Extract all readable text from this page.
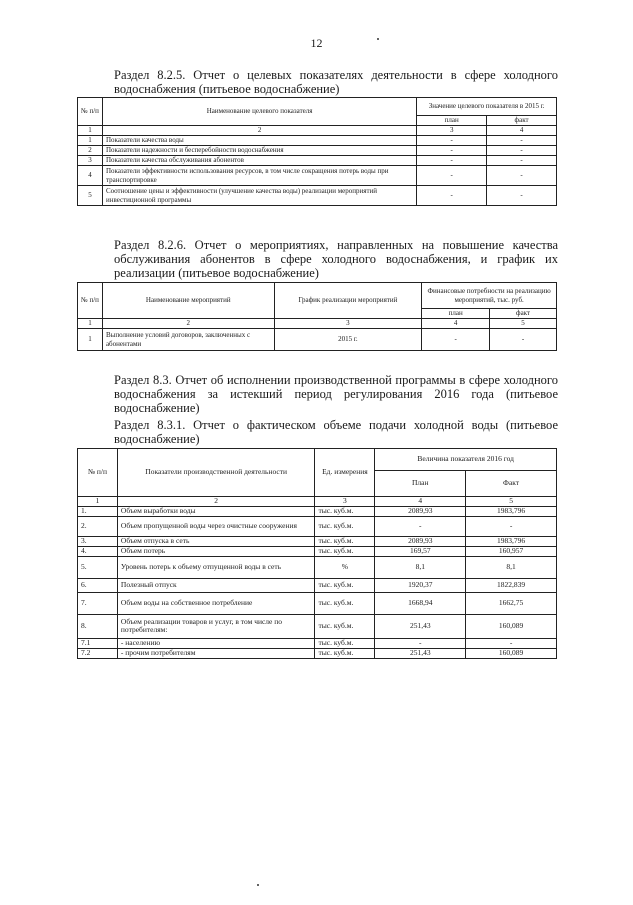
12
Раздел 8.2.5. Отчет о целевых показателях деятельности в сфере холодного водоснабжения (питьевое водоснабжение)
№ п/п	Наименование целевого показателя	Значение целевого показателя в 2015 г.	
		план	факт
1	2	3	4
1	Показатели качества воды	-	-
2	Показатели надежности и бесперебойности водоснабжения	-	-
3	Показатели качества обслуживания абонентов	-	-
4	Показатели эффективности использования ресурсов, в том числе сокращения потерь воды при транспортировке	-	-
5	Соотношение цены и эффективности (улучшение качества воды) реализации мероприятий инвестиционной программы	-	-
Раздел 8.2.6. Отчет о мероприятиях, направленных на повышение качества обслуживания абонентов в сфере холодного водоснабжения, и график их реализации (питьевое водоснабжение)
№ п/п	Наименование мероприятий	График реализации мероприятий	Финансовые потребности на реализацию мероприятий, тыс. руб.	
			план	факт
1	2	3	4	5
1	Выполнение условий договоров, заключенных с абонентами	2015 г.	-	-
Раздел 8.3. Отчет об исполнении производственной программы в сфере холодного водоснабжения за истекший период регулирования 2016 года (питьевое водоснабжение)
Раздел 8.3.1. Отчет о фактическом объеме подачи холодной воды (питьевое водоснабжение)
№ п/п	Показатели производственной деятельности	Ед. измерения	Величина показателя 2016 год	
			План	Факт
1	2	3	4	5
1.	Объем выработки воды	тыс. куб.м.	2089,93	1983,796
2.	Объем пропущенной воды через очистные сооружения	тыс. куб.м.	-	-
3.	Объем отпуска в сеть	тыс. куб.м.	2089,93	1983,796
4.	Объем потерь	тыс. куб.м.	169,57	160,957
5.	Уровень потерь к объему отпущенной воды в сеть	%	8,1	8,1
6.	Полезный отпуск	тыс. куб.м.	1920,37	1822,839
7.	Объем воды на собственное потребление	тыс. куб.м.	1668,94	1662,75
8.	Объем реализации товаров и услуг, в том числе по потребителям:	тыс. куб.м.	251,43	160,089
7.1	- населению	тыс. куб.м.	-	-
7.2	- прочим потребителям	тыс. куб.м.	251,43	160,089
